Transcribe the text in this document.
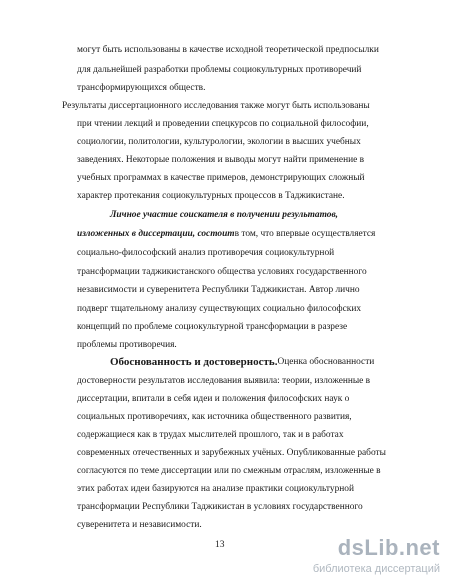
могут быть использованы в качестве исходной теоретической предпосылки
для дальнейшей разработки проблемы социокультурных противоречий
трансформирующихся обществ.
Результаты диссертационного исследования также могут быть использованы
при чтении лекций и проведении спецкурсов по социальной философии,
социологии, политологии, культурологии, экологии в высших учебных
заведениях. Некоторые положения и выводы могут найти применение в
учебных программах в качестве примеров, демонстрирующих сложный
характер протекания социокультурных процессов в Таджикистане.
Личное участие соискателя в получении результатов,
изложенных в диссертации, состоит в том, что впервые осуществляется
социально-философский анализ противоречия социокультурной
трансформации таджикистанского общества условиях государственного
независимости и суверенитета Республики Таджикистан. Автор лично
подверг тщательному анализу существующих социально философских
концепций по проблеме социокультурной трансформации в разрезе
проблемы противоречия.
Обоснованность и достоверность. Оценка обоснованности
достоверности результатов исследования выявила: теории, изложенные в
диссертации, впитали в себя идеи и положения философских наук о
социальных противоречиях, как источника общественного развития,
содержащиеся как в трудах мыслителей прошлого, так и в работах
современных отечественных и зарубежных учёных. Опубликованные работы
согласуются по теме диссертации или по смежным отраслям, изложенные в
этих работах идеи базируются на анализе практики социокультурной
трансформации Республики Таджикистан в условиях государственного
суверенитета и независимости.
13	dsLib.net
библиотека диссертаций
